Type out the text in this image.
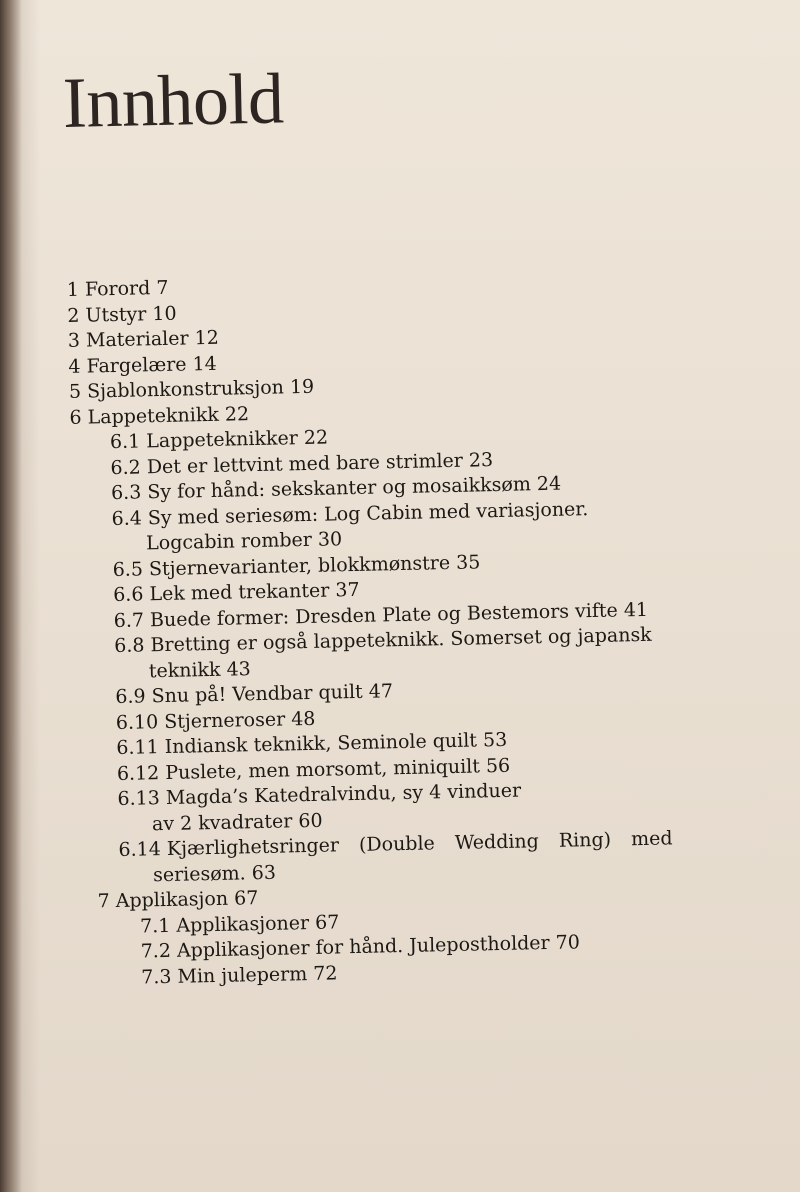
Innhold
1 Forord 7
2 Utstyr 10
3 Materialer 12
4 Fargelære 14
5 Sjablonkonstruksjon 19
6 Lappeteknikk 22
6.1 Lappeteknikker 22
6.2 Det er lettvint med bare strimler 23
6.3 Sy for hånd: sekskanter og mosaikksøm 24
6.4 Sy med seriesøm: Log Cabin med variasjoner.
Logcabin romber 30
6.5 Stjernevarianter, blokkmønstre 35
6.6 Lek med trekanter 37
6.7 Buede former: Dresden Plate og Bestemors vifte 41
6.8 Bretting er også lappeteknikk. Somerset og japansk
teknikk 43
6.9 Snu på! Vendbar quilt 47
6.10 Stjerneroser 48
6.11 Indiansk teknikk, Seminole quilt 53
6.12 Puslete, men morsomt, miniquilt 56
6.13 Magda’s Katedralvindu, sy 4 vinduer
av 2 kvadrater 60
6.14 Kjærlighetsringer (Double Wedding Ring) med
seriesøm. 63
7 Applikasjon 67
7.1 Applikasjoner 67
7.2 Applikasjoner for hånd. Julepostholder 70
7.3 Min juleperm 72
